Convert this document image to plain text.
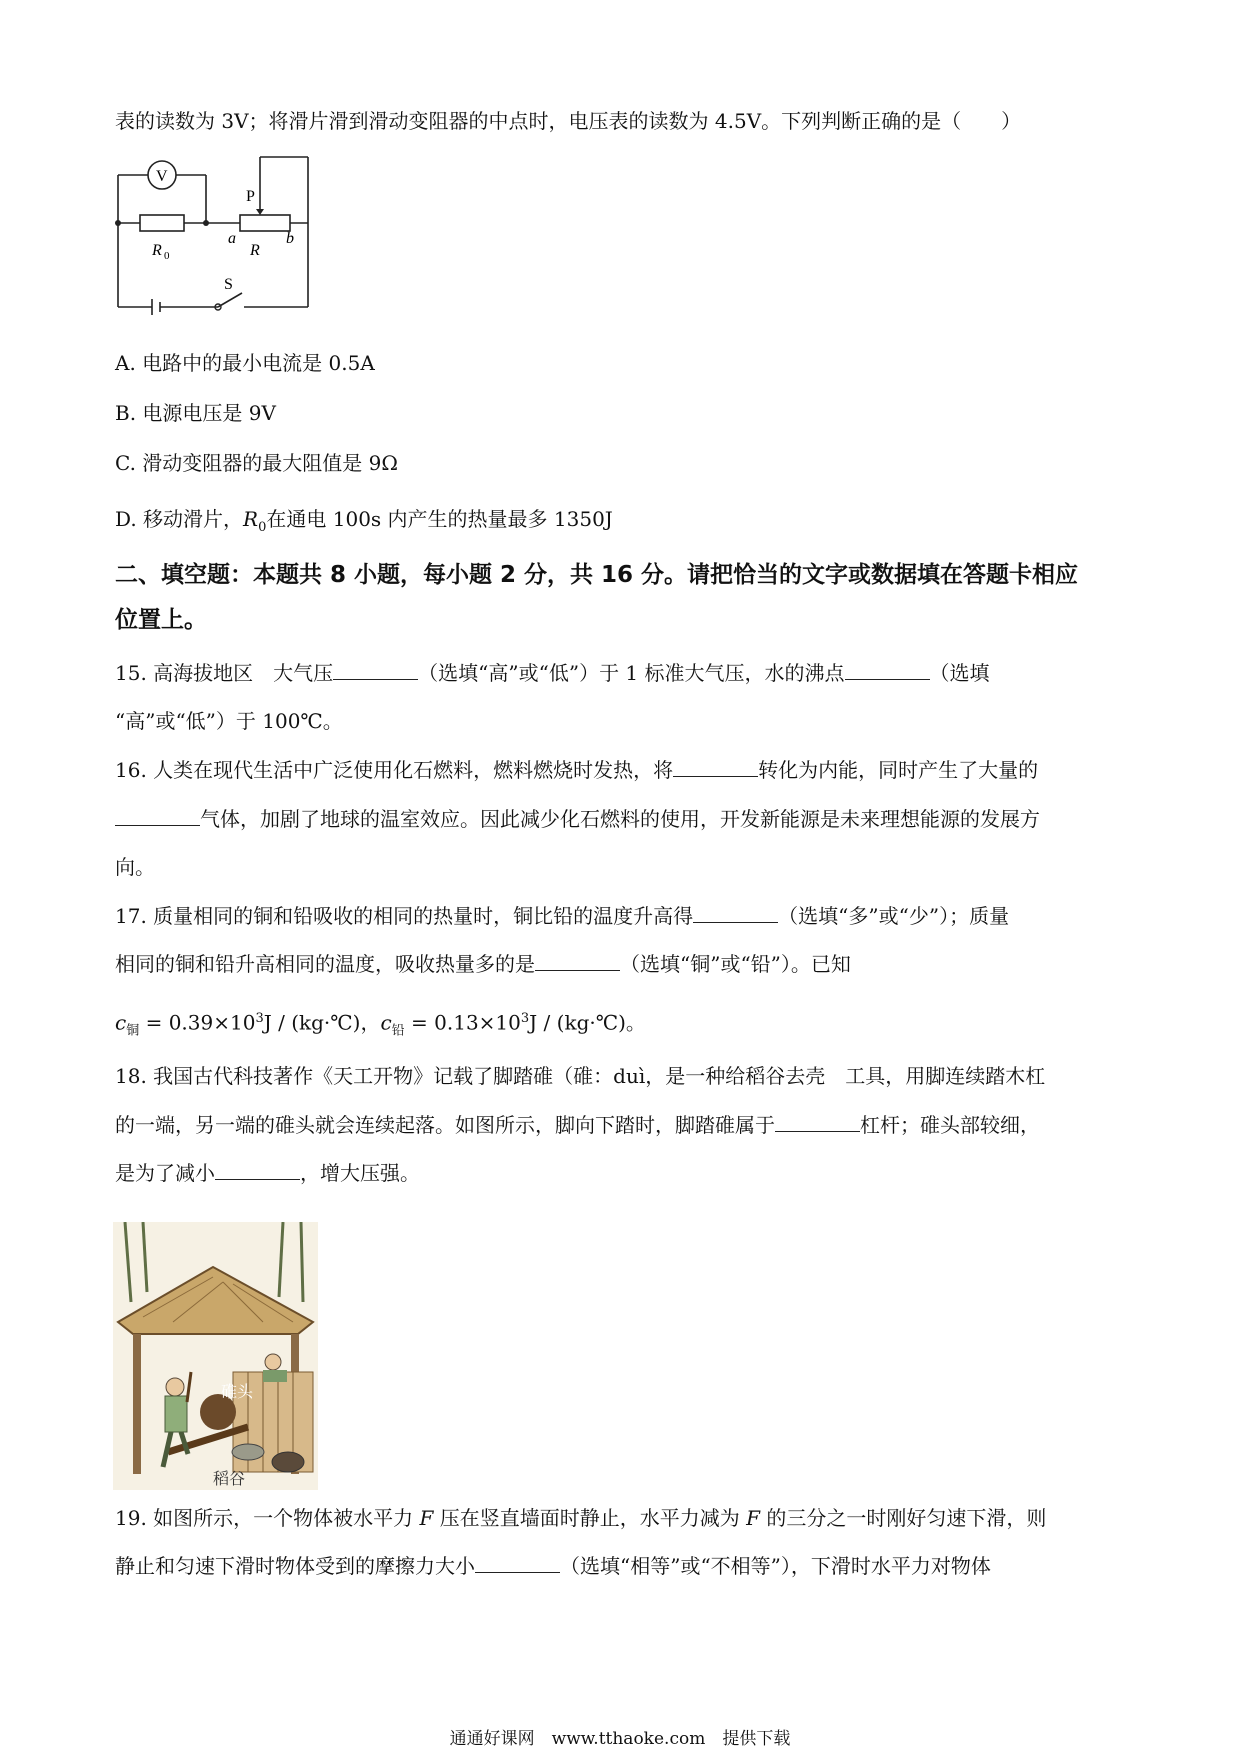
表的读数为 3V；将滑片滑到滑动变阻器的中点时，电压表的读数为 4.5V。下列判断正确的是（　　）
V
P
R 0
a
R
b
S
A. 电路中的最小电流是 0.5A
B. 电源电压是 9V
C. 滑动变阻器的最大阻值是 9Ω
D. 移动滑片，$R_0$在通电 100s 内产生的热量最多 1350J
二、填空题：本题共 8 小题，每小题 2 分，共 16 分。请把恰当的文字或数据填在答题卡相应
位置上。
15. 高海拔地区　大气压	（选填“高”或“低”）于 1 标准大气压，水的沸点	（选填
“高”或“低”）于 100℃。
16. 人类在现代生活中广泛使用化石燃料，燃料燃烧时发热，将	转化为内能，同时产生了大量的
气体，加剧了地球的温室效应。因此减少化石燃料的使用，开发新能源是未来理想能源的发展方
向。
17. 质量相同的铜和铅吸收的相同的热量时，铜比铅的温度升高得	（选填“多”或“少”）；质量
相同的铜和铅升高相同的温度，吸收热量多的是	（选填“铜”或“铅”）。已知
$c_铜 = 0.39\times 10^3J$ / (kg·℃)，$c_铅 = 0.13\times 10^3J$ / (kg·℃)。
18. 我国古代科技著作《天工开物》记载了脚踏碓（碓：duì，是一种给稻谷去壳　工具，用脚连续踏木杠
的一端，另一端的碓头就会连续起落。如图所示，脚向下踏时，脚踏碓属于	杠杆；碓头部较细，
是为了减小	，增大压强。
碓头
稻谷
19. 如图所示，一个物体被水平力 F 压在竖直墙面时静止，水平力减为 F 的三分之一时刚好匀速下滑，则
静止和匀速下滑时物体受到的摩擦力大小	（选填“相等”或“不相等”），下滑时水平力对物体
通通好课网　www.tthaoke.com　提供下载
